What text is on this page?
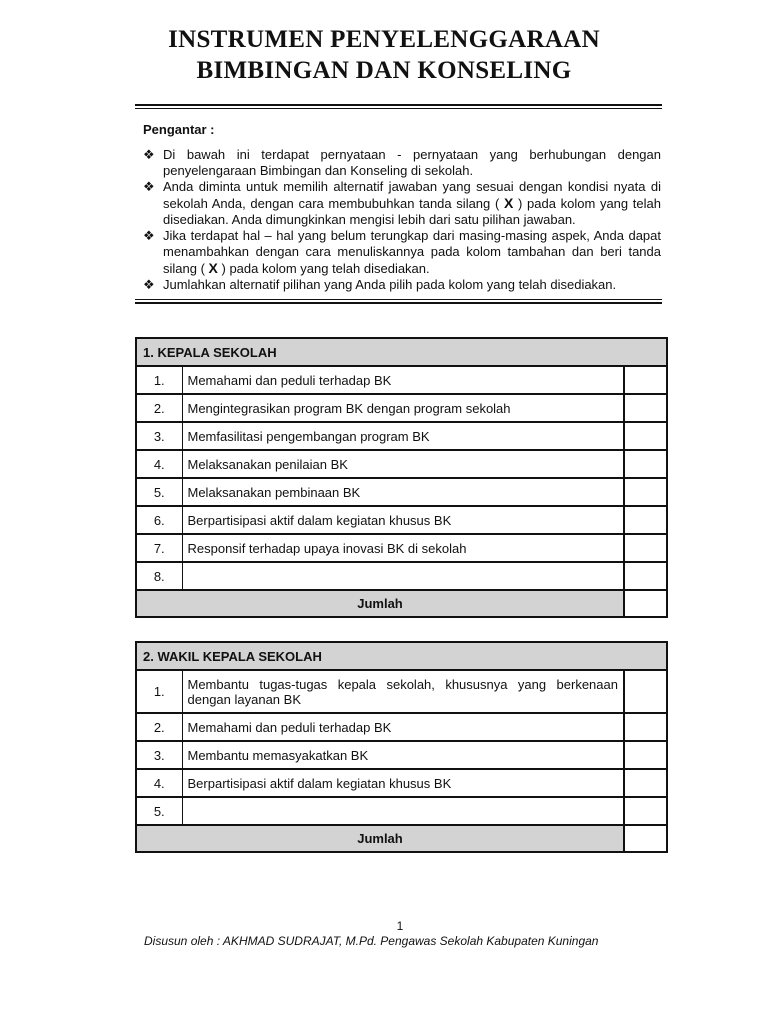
INSTRUMEN PENYELENGGARAAN
BIMBINGAN DAN KONSELING
Pengantar :
❖ Di bawah ini terdapat pernyataan - pernyataan yang berhubungan dengan penyelengaraan Bimbingan dan Konseling di sekolah.
❖ Anda diminta untuk memilih alternatif jawaban yang sesuai dengan kondisi nyata di sekolah Anda, dengan cara membubuhkan tanda silang ( X ) pada kolom yang telah disediakan. Anda dimungkinkan mengisi lebih dari satu pilihan jawaban.
❖ Jika terdapat hal – hal yang belum terungkap dari masing-masing aspek, Anda dapat menambahkan dengan cara menuliskannya pada kolom tambahan dan beri tanda silang ( X ) pada kolom yang telah disediakan.
❖ Jumlahkan alternatif pilihan yang Anda pilih pada kolom yang telah disediakan.
1. KEPALA SEKOLAH		
1.	Memahami dan peduli terhadap BK	
2.	Mengintegrasikan program BK dengan program sekolah	
3.	Memfasilitasi pengembangan program BK	
4.	Melaksanakan penilaian BK	
5.	Melaksanakan pembinaan BK	
6.	Berpartisipasi aktif dalam kegiatan khusus BK	
7.	Responsif terhadap upaya inovasi BK di sekolah	
8.		
Jumlah		
2. WAKIL KEPALA SEKOLAH		
1.	Membantu tugas-tugas kepala sekolah, khususnya yang berkenaan dengan layanan BK	
2.	Memahami dan peduli terhadap BK	
3.	Membantu memasyakatkan BK	
4.	Berpartisipasi aktif dalam kegiatan khusus BK	
5.		
Jumlah		
1
Disusun oleh : AKHMAD SUDRAJAT, M.Pd. Pengawas Sekolah Kabupaten Kuningan
